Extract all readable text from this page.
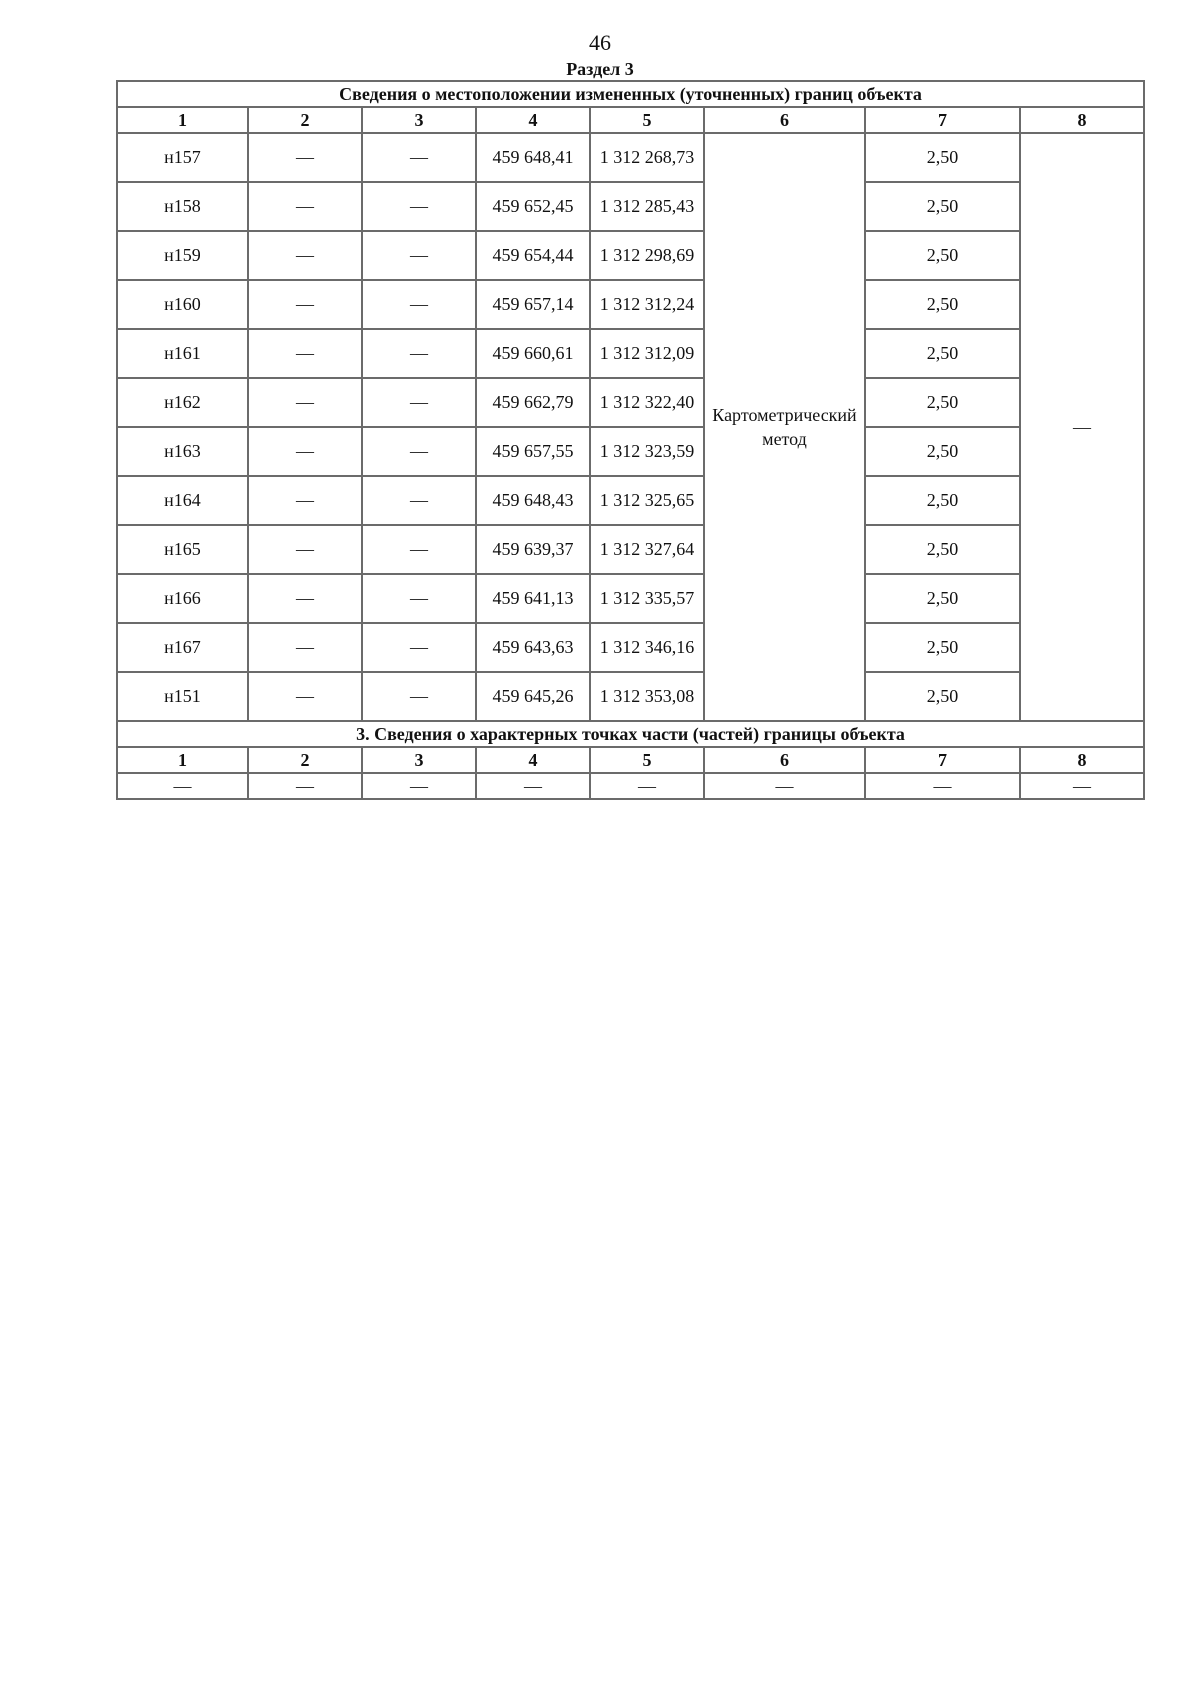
46
Раздел 3
Сведения о местоположении измененных (уточненных) границ объекта							
1	2	3	4	5	6	7	8
н157	—	—	459 648,41	1 312 268,73	Картометрический метод	2,50	—
н158	—	—	459 652,45	1 312 285,43		2,50	
н159	—	—	459 654,44	1 312 298,69		2,50	
н160	—	—	459 657,14	1 312 312,24		2,50	
н161	—	—	459 660,61	1 312 312,09		2,50	
н162	—	—	459 662,79	1 312 322,40		2,50	
н163	—	—	459 657,55	1 312 323,59		2,50	
н164	—	—	459 648,43	1 312 325,65		2,50	
н165	—	—	459 639,37	1 312 327,64		2,50	
н166	—	—	459 641,13	1 312 335,57		2,50	
н167	—	—	459 643,63	1 312 346,16		2,50	
н151	—	—	459 645,26	1 312 353,08		2,50	
3. Сведения о характерных точках части (частей) границы объекта							
1	2	3	4	5	6	7	8
—	—	—	—	—	—	—	—
